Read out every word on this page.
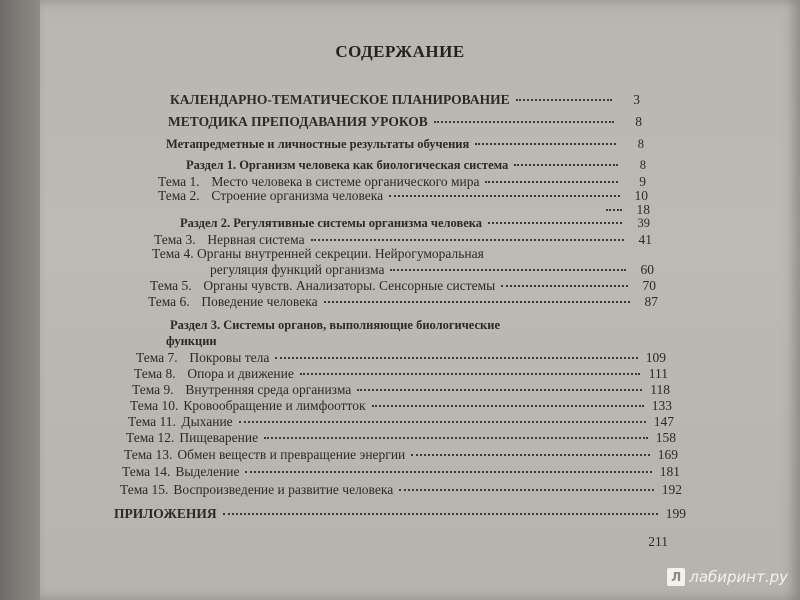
СОДЕРЖАНИЕ
КАЛЕНДАРНО-ТЕМАТИЧЕСКОЕ ПЛАНИРОВАНИЕ	3
МЕТОДИКА ПРЕПОДАВАНИЯ УРОКОВ	8
Метапредметные и личностные результаты обучения	8
Раздел 1. Организм человека как биологическая система	8
Тема 1. Место человека в системе органического мира	9
Тема 2. Строение организма человека	10
18
Раздел 2. Регулятивные системы организма человека	39
Тема 3. Нервная система	41
Тема 4. Органы внутренней секреции. Нейрогуморальная
регуляция функций организма	60
Тема 5. Органы чувств. Анализаторы. Сенсорные системы	70
Тема 6. Поведение человека	87
Раздел 3. Системы органов, выполняющие биологические
функции
Тема 7. Покровы тела	109
Тема 8. Опора и движение	111
Тема 9. Внутренняя среда организма	118
Тема 10. Кровообращение и лимфоотток	133
Тема 11. Дыхание	147
Тема 12. Пищеварение	158
Тема 13. Обмен веществ и превращение энергии	169
Тема 14. Выделение	181
Тема 15. Воспроизведение и развитие человека	192
ПРИЛОЖЕНИЯ	199
211
Л лабиринт.ру
